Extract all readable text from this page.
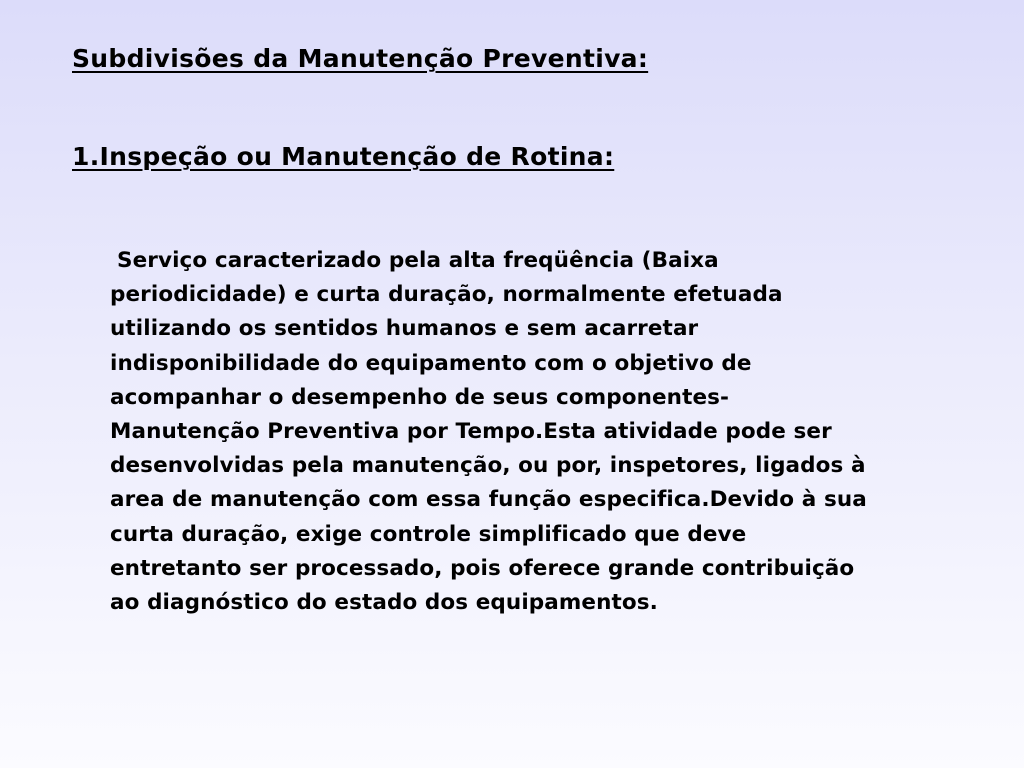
Subdivisões da Manutenção Preventiva:
1.Inspeção ou Manutenção de Rotina:

Serviço caracterizado pela alta freqüência (Baixa periodicidade) e curta duração, normalmente efetuada utilizando os sentidos humanos e sem acarretar indisponibilidade do equipamento com o objetivo de acompanhar o desempenho de seus componentes-Manutenção Preventiva por Tempo.Esta atividade pode ser desenvolvidas pela manutenção, ou por, inspetores, ligados à area de manutenção com essa função especifica.Devido à sua curta duração, exige controle simplificado que deve entretanto ser processado, pois oferece grande contribuição ao diagnóstico do estado dos equipamentos.
